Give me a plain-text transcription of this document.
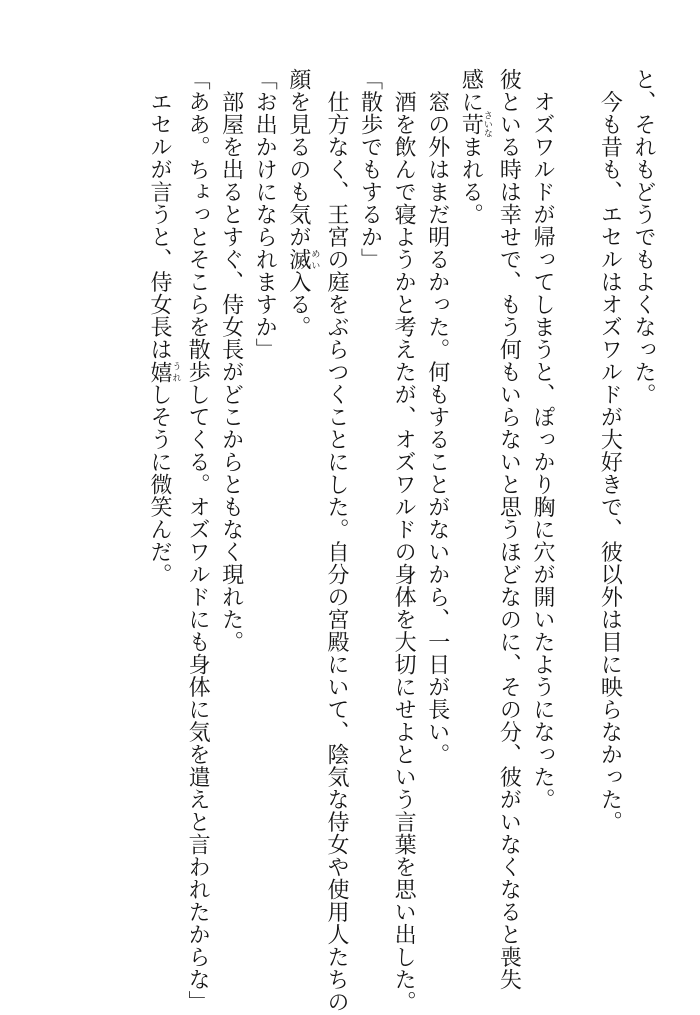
と、それもどうでもよくなった。

　今も昔も、エセルはオズワルドが大好きで、彼以外は目に映らなかった。

　オズワルドが帰ってしまうと、ぽっかり胸に穴が開いたようになった。

彼といる時は幸せで、もう何もいらないと思うほどなのに、その分、彼がいなくなると喪失

感に苛さいなまれる。

　窓の外はまだ明るかった。何もすることがないから、一日が長い。

　酒を飲んで寝ようかと考えたが、オズワルドの身体を大切にせよという言葉を思い出した。

「散歩でもするか」

　仕方なく、王宮の庭をぶらつくことにした。自分の宮殿にいて、陰気な侍女や使用人たちの

顔を見るのも気が滅めい入る。

「お出かけになられますか」

　部屋を出るとすぐ、侍女長がどこからともなく現れた。

「ああ。ちょっとそこらを散歩してくる。オズワルドにも身体に気を遣えと言われたからな」

　エセルが言うと、侍女長は嬉うれしそうに微笑んだ。
